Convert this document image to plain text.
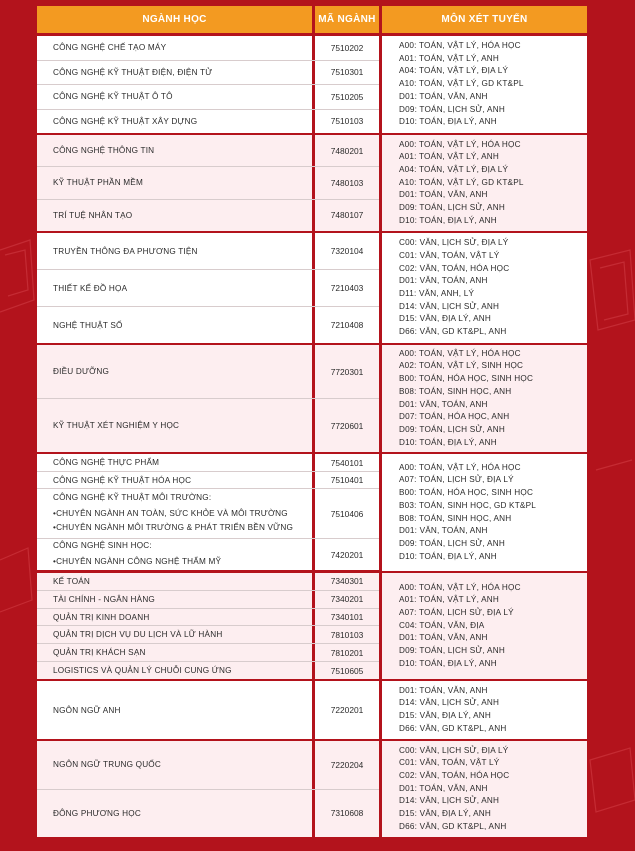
NGÀNH HỌC	MÃ NGÀNH	MÔN XÉT TUYỂN
CÔNG NGHỆ CHẾ TẠO MÁY	7510202
CÔNG NGHỆ KỸ THUẬT ĐIỆN, ĐIỆN TỬ	7510301
CÔNG NGHỆ KỸ THUẬT Ô TÔ	7510205
CÔNG NGHỆ KỸ THUẬT XÂY DỰNG	7510103
A00: TOÁN, VẬT LÝ, HÓA HỌC
A01: TOÁN, VẬT LÝ, ANH
A04: TOÁN, VẬT LÝ, ĐỊA LÝ
A10: TOÁN, VẬT LÝ, GD KT&PL
D01: TOÁN, VĂN, ANH
D09: TOÁN, LỊCH SỬ, ANH
D10: TOÁN, ĐỊA LÝ, ANH
CÔNG NGHỆ THÔNG TIN	7480201
KỸ THUẬT PHẦN MỀM	7480103
TRÍ TUỆ NHÂN TẠO	7480107
A00: TOÁN, VẬT LÝ, HÓA HỌC
A01: TOÁN, VẬT LÝ, ANH
A04: TOÁN, VẬT LÝ, ĐỊA LÝ
A10: TOÁN, VẬT LÝ, GD KT&PL
D01: TOÁN, VĂN, ANH
D09: TOÁN, LỊCH SỬ, ANH
D10: TOÁN, ĐỊA LÝ, ANH
TRUYỀN THÔNG ĐA PHƯƠNG TIỆN	7320104
THIẾT KẾ ĐỒ HỌA	7210403
NGHỆ THUẬT SỐ	7210408
C00: VĂN, LỊCH SỬ, ĐỊA LÝ
C01: VĂN, TOÁN, VẬT LÝ
C02: VĂN, TOÁN, HÓA HỌC
D01: VĂN, TOÁN, ANH
D11: VĂN, ANH, LÝ
D14: VĂN, LỊCH SỬ, ANH
D15: VĂN, ĐỊA LÝ, ANH
D66: VĂN, GD KT&PL, ANH
ĐIỀU DƯỠNG	7720301
KỸ THUẬT XÉT NGHIỆM Y HỌC	7720601
A00: TOÁN, VẬT LÝ, HÓA HỌC
A02: TOÁN, VẬT LÝ, SINH HỌC
B00: TOÁN, HÓA HỌC, SINH HỌC
B08: TOÁN, SINH HỌC, ANH
D01: VĂN, TOÁN, ANH
D07: TOÁN, HÓA HỌC, ANH
D09: TOÁN, LỊCH SỬ, ANH
D10: TOÁN, ĐỊA LÝ, ANH
CÔNG NGHỆ THỰC PHẨM	7540101
CÔNG NGHỆ KỸ THUẬT HÓA HỌC	7510401
CÔNG NGHỆ KỸ THUẬT MÔI TRƯỜNG:
•CHUYÊN NGÀNH AN TOÀN, SỨC KHỎE VÀ MÔI TRƯỜNG
•CHUYÊN NGÀNH MÔI TRƯỜNG & PHÁT TRIỂN BỀN VỮNG
7510406
CÔNG NGHỆ SINH HỌC:
•CHUYÊN NGÀNH CÔNG NGHỆ THẨM MỸ
7420201
A00: TOÁN, VẬT LÝ, HÓA HỌC
A07: TOÁN, LỊCH SỬ, ĐỊA LÝ
B00: TOÁN, HÓA HỌC, SINH HỌC
B03: TOÁN, SINH HỌC, GD KT&PL
B08: TOÁN, SINH HỌC, ANH
D01: VĂN, TOÁN, ANH
D09: TOÁN, LỊCH SỬ, ANH
D10: TOÁN, ĐỊA LÝ, ANH
KẾ TOÁN	7340301
TÀI CHÍNH - NGÂN HÀNG	7340201
QUẢN TRỊ KINH DOANH	7340101
QUẢN TRỊ DỊCH VỤ DU LỊCH VÀ LỮ HÀNH	7810103
QUẢN TRỊ KHÁCH SẠN	7810201
LOGISTICS VÀ QUẢN LÝ CHUỖI CUNG ỨNG	7510605
A00: TOÁN, VẬT LÝ, HÓA HỌC
A01: TOÁN, VẬT LÝ, ANH
A07: TOÁN, LỊCH SỬ, ĐỊA LÝ
C04: TOÁN, VĂN, ĐỊA
D01: TOÁN, VĂN, ANH
D09: TOÁN, LỊCH SỬ, ANH
D10: TOÁN, ĐỊA LÝ, ANH
NGÔN NGỮ ANH	7220201
D01: TOÁN, VĂN, ANH
D14: VĂN, LỊCH SỬ, ANH
D15: VĂN, ĐỊA LÝ, ANH
D66: VĂN, GD KT&PL, ANH
NGÔN NGỮ TRUNG QUỐC	7220204
ĐÔNG PHƯƠNG HỌC	7310608
C00: VĂN, LỊCH SỬ, ĐỊA LÝ
C01: VĂN, TOÁN, VẬT LÝ
C02: VĂN, TOÁN, HÓA HỌC
D01: TOÁN, VĂN, ANH
D14: VĂN, LỊCH SỬ, ANH
D15: VĂN, ĐỊA LÝ, ANH
D66: VĂN, GD KT&PL, ANH
